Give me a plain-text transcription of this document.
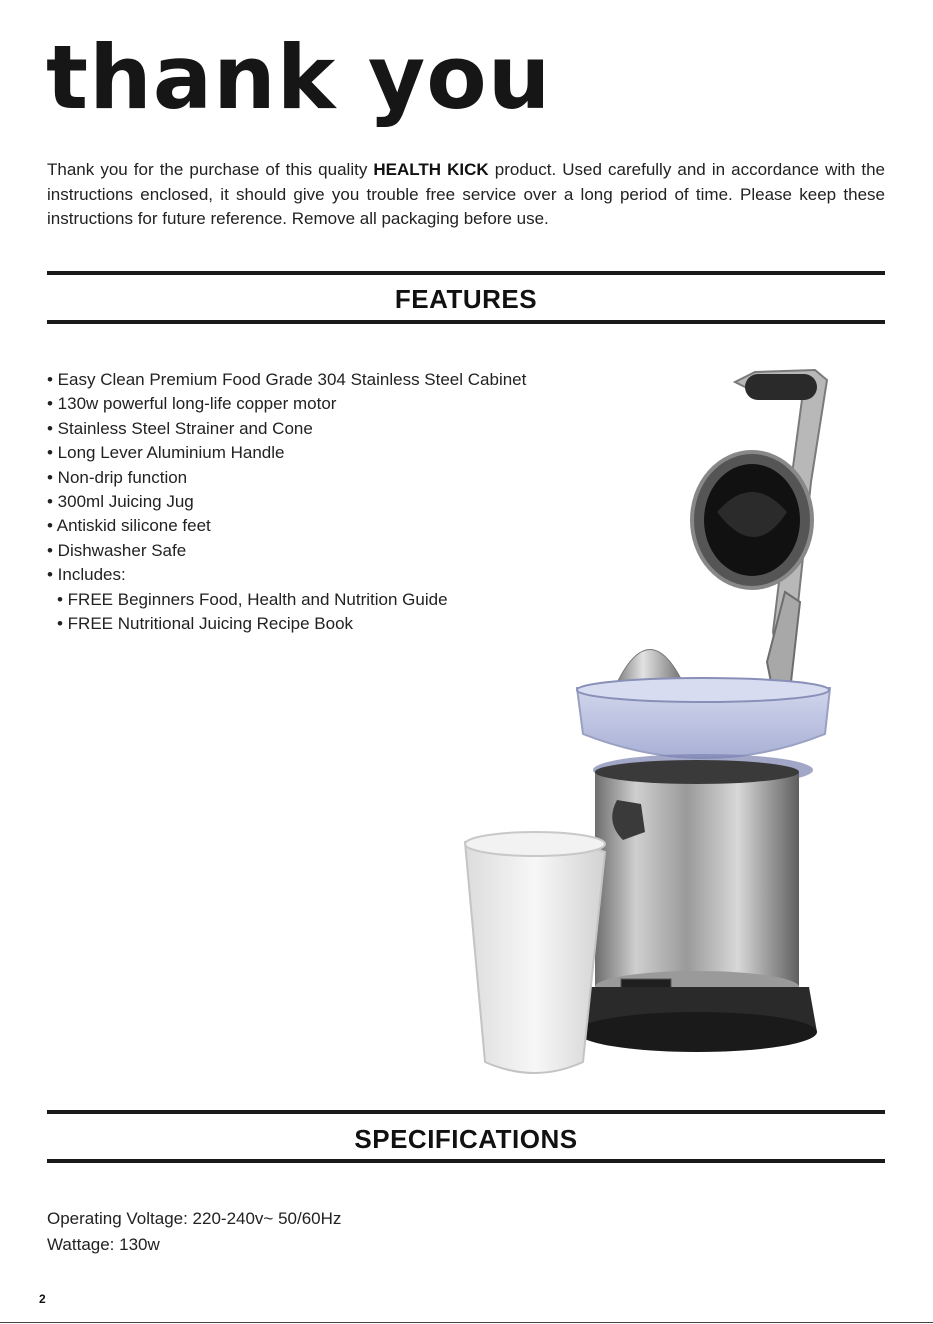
thank you

Thank you for the purchase of this quality HEALTH KICK product. Used carefully and in accordance with the instructions enclosed, it should give you trouble free service over a long period of time. Please keep these instructions for future reference. Remove all packaging before use.

FEATURES
• Easy Clean Premium Food Grade 304 Stainless Steel Cabinet
• 130w powerful long-life copper motor
• Stainless Steel Strainer and Cone
• Long Lever Aluminium Handle
• Non-drip function
• 300ml Juicing Jug
• Antiskid silicone feet
• Dishwasher Safe
• Includes:
• FREE Beginners Food, Health and Nutrition Guide
• FREE Nutritional Juicing Recipe Book
SPECIFICATIONS
Operating Voltage: 220-240v~ 50/60Hz
Wattage: 130w
2
